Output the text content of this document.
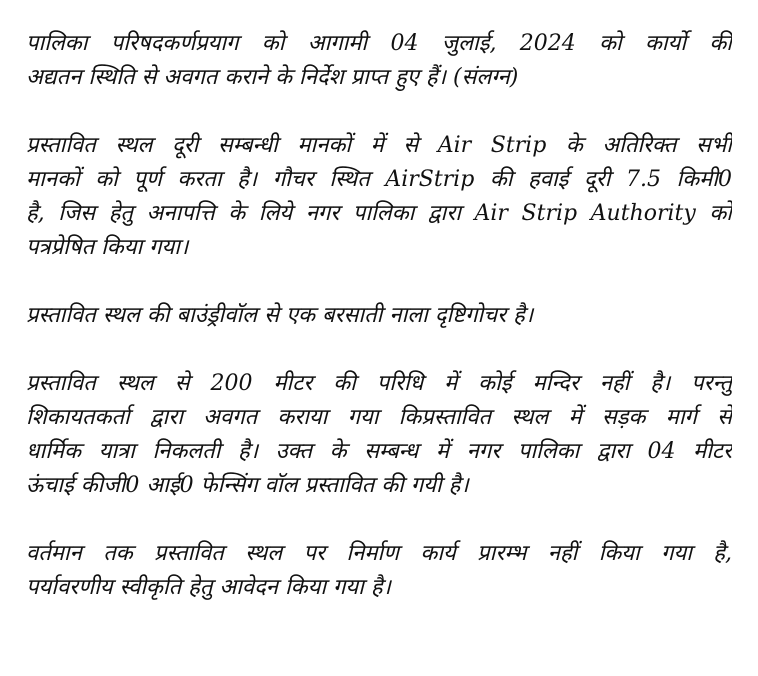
पालिका परिषदकर्णप्रयाग को आगामी 04 जुलाई, 2024 को कार्यो की
अद्यतन स्थिति से अवगत कराने के निर्देश प्राप्त हुए हैं। (संलग्न)

प्रस्तावित स्थल दूरी सम्बन्धी मानकों में से Air Strip के अतिरिक्त सभी
मानकों को पूर्ण करता है। गौचर स्थित AirStrip की हवाई दूरी 7.5 किमी0
है, जिस हेतु अनापत्ति के लिये नगर पालिका द्वारा Air Strip Authority को
पत्रप्रेषित किया गया।

प्रस्तावित स्थल की बाउंड्रीवॉल से एक बरसाती नाला दृष्टिगोचर है।

प्रस्तावित स्थल से 200 मीटर की परिधि में कोई मन्दिर नहीं है। परन्तु
शिकायतकर्ता द्वारा अवगत कराया गया किप्रस्तावित स्थल में सड़क मार्ग से
धार्मिक यात्रा निकलती है। उक्त के सम्बन्ध में नगर पालिका द्वारा 04 मीटर
ऊंचाई कीजी0 आई0 फेन्सिंग वॉल प्रस्तावित की गयी है।

वर्तमान तक प्रस्तावित स्थल पर निर्माण कार्य प्रारम्भ नहीं किया गया है,
पर्यावरणीय स्वीकृति हेतु आवेदन किया गया है।
